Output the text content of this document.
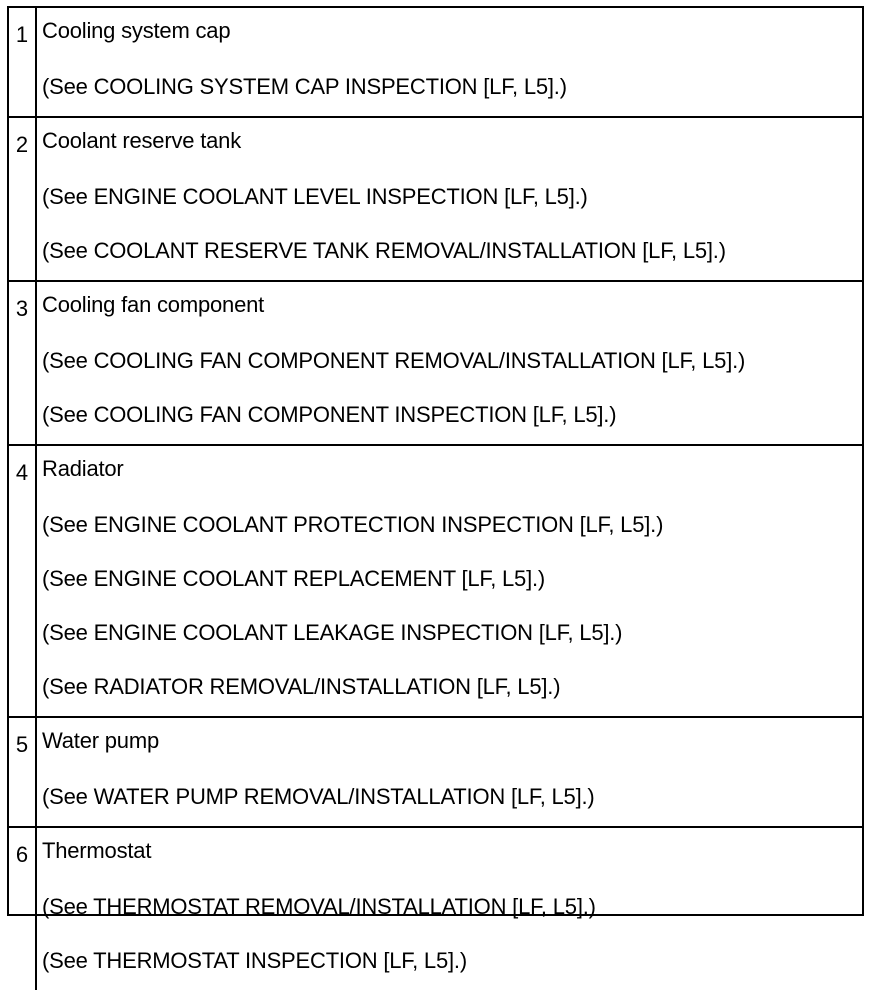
1	Cooling system cap
(See COOLING SYSTEM CAP INSPECTION [LF, L5].)

2	Coolant reserve tank
(See ENGINE COOLANT LEVEL INSPECTION [LF, L5].)
(See COOLANT RESERVE TANK REMOVAL/INSTALLATION [LF, L5].)

3	Cooling fan component
(See COOLING FAN COMPONENT REMOVAL/INSTALLATION [LF, L5].)
(See COOLING FAN COMPONENT INSPECTION [LF, L5].)

4	Radiator
(See ENGINE COOLANT PROTECTION INSPECTION [LF, L5].)
(See ENGINE COOLANT REPLACEMENT [LF, L5].)
(See ENGINE COOLANT LEAKAGE INSPECTION [LF, L5].)
(See RADIATOR REMOVAL/INSTALLATION [LF, L5].)

5	Water pump
(See WATER PUMP REMOVAL/INSTALLATION [LF, L5].)

6	Thermostat
(See THERMOSTAT REMOVAL/INSTALLATION [LF, L5].)
(See THERMOSTAT INSPECTION [LF, L5].)
